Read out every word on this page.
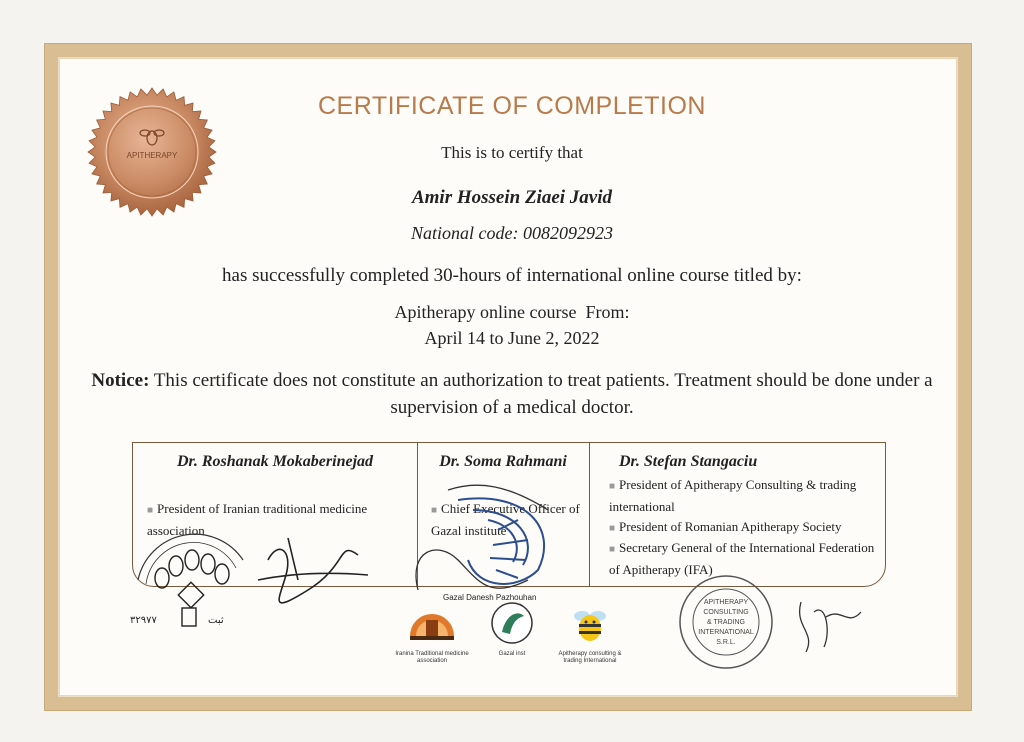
APITHERAPY
CERTIFICATE OF COMPLETION
This is to certify that
Amir Hossein Ziaei Javid
National code: 0082092923
has successfully completed 30-hours of international online course titled by:
Apitherapy online course  From:
April 14 to June 2, 2022
Notice: This certificate does not constitute an authorization to treat patients. Treatment should be done under a supervision of a medical doctor.
Dr. Roshanak Mokaberinejad
■ President of Iranian traditional medicine association
Dr. Soma Rahmani
■ Chief Executive Officer of Gazal institute
Dr. Stefan Stangaciu
■ President of Apitherapy Consulting & trading international
■ President of Romanian Apitherapy Society
■ Secretary General of the International Federation of Apitherapy (IFA)
۳۲۹۷۷	ثبت
Gazal Danesh Pazhouhan
APITHERAPY
CONSULTING
& TRADING
INTERNATIONAL
S.R.L.
Iranina Traditional medicine association
Gazal inst	Apitherapy consulting & trading International
